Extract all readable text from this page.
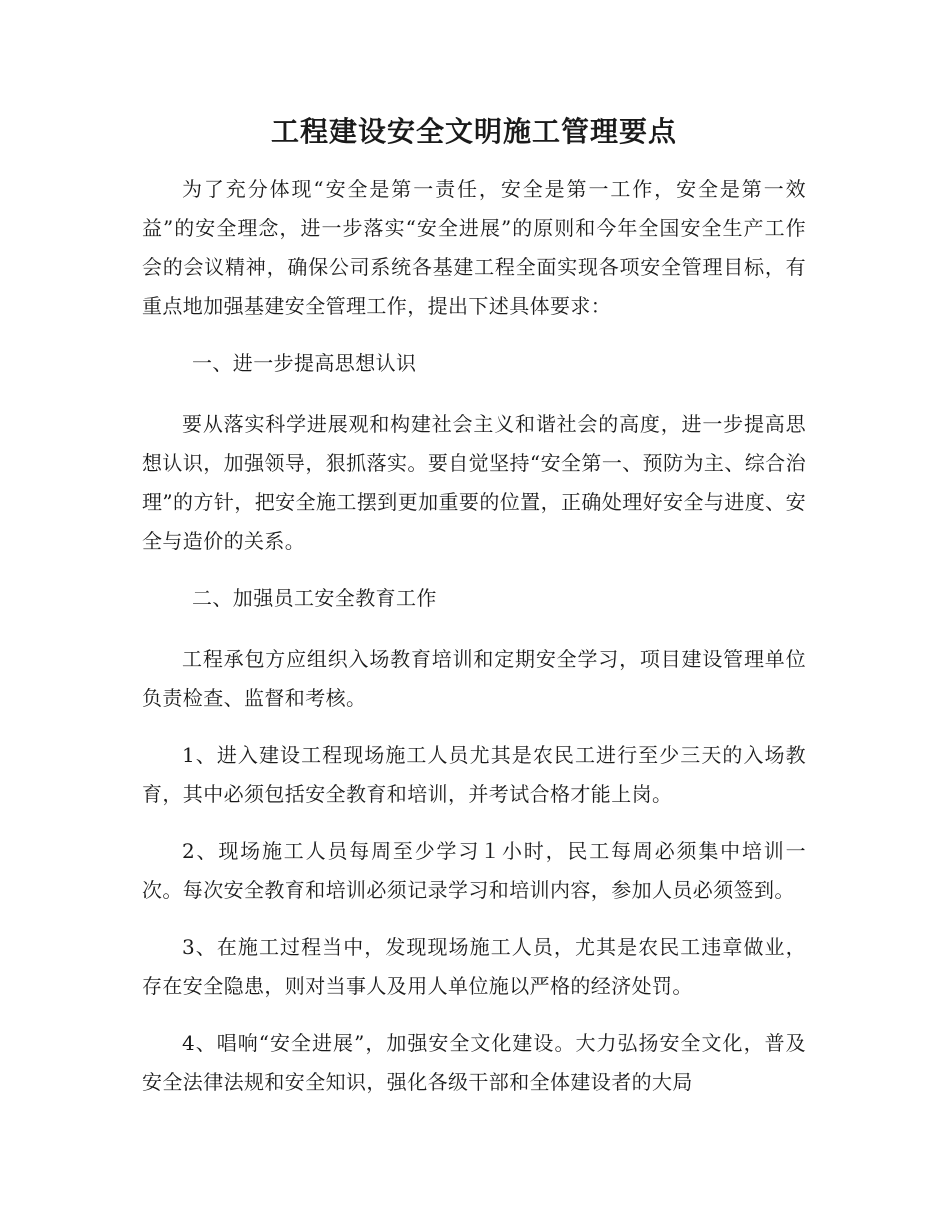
工程建设安全文明施工管理要点

为了充分体现“安全是第一责任，安全是第一工作，安全是第一效益”的安全理念，进一步落实“安全进展”的原则和今年全国安全生产工作会的会议精神，确保公司系统各基建工程全面实现各项安全管理目标，有重点地加强基建安全管理工作，提出下述具体要求：

一、进一步提高思想认识

要从落实科学进展观和构建社会主义和谐社会的高度，进一步提高思想认识，加强领导，狠抓落实。要自觉坚持“安全第一、预防为主、综合治理”的方针，把安全施工摆到更加重要的位置，正确处理好安全与进度、安全与造价的关系。

二、加强员工安全教育工作

工程承包方应组织入场教育培训和定期安全学习，项目建设管理单位负责检查、监督和考核。

1、进入建设工程现场施工人员尤其是农民工进行至少三天的入场教育，其中必须包括安全教育和培训，并考试合格才能上岗。

2、现场施工人员每周至少学习１小时，民工每周必须集中培训一次。每次安全教育和培训必须记录学习和培训内容，参加人员必须签到。

3、在施工过程当中，发现现场施工人员，尤其是农民工违章做业，存在安全隐患，则对当事人及用人单位施以严格的经济处罚。

4、唱响“安全进展”，加强安全文化建设。大力弘扬安全文化，普及安全法律法规和安全知识，强化各级干部和全体建设者的大局
